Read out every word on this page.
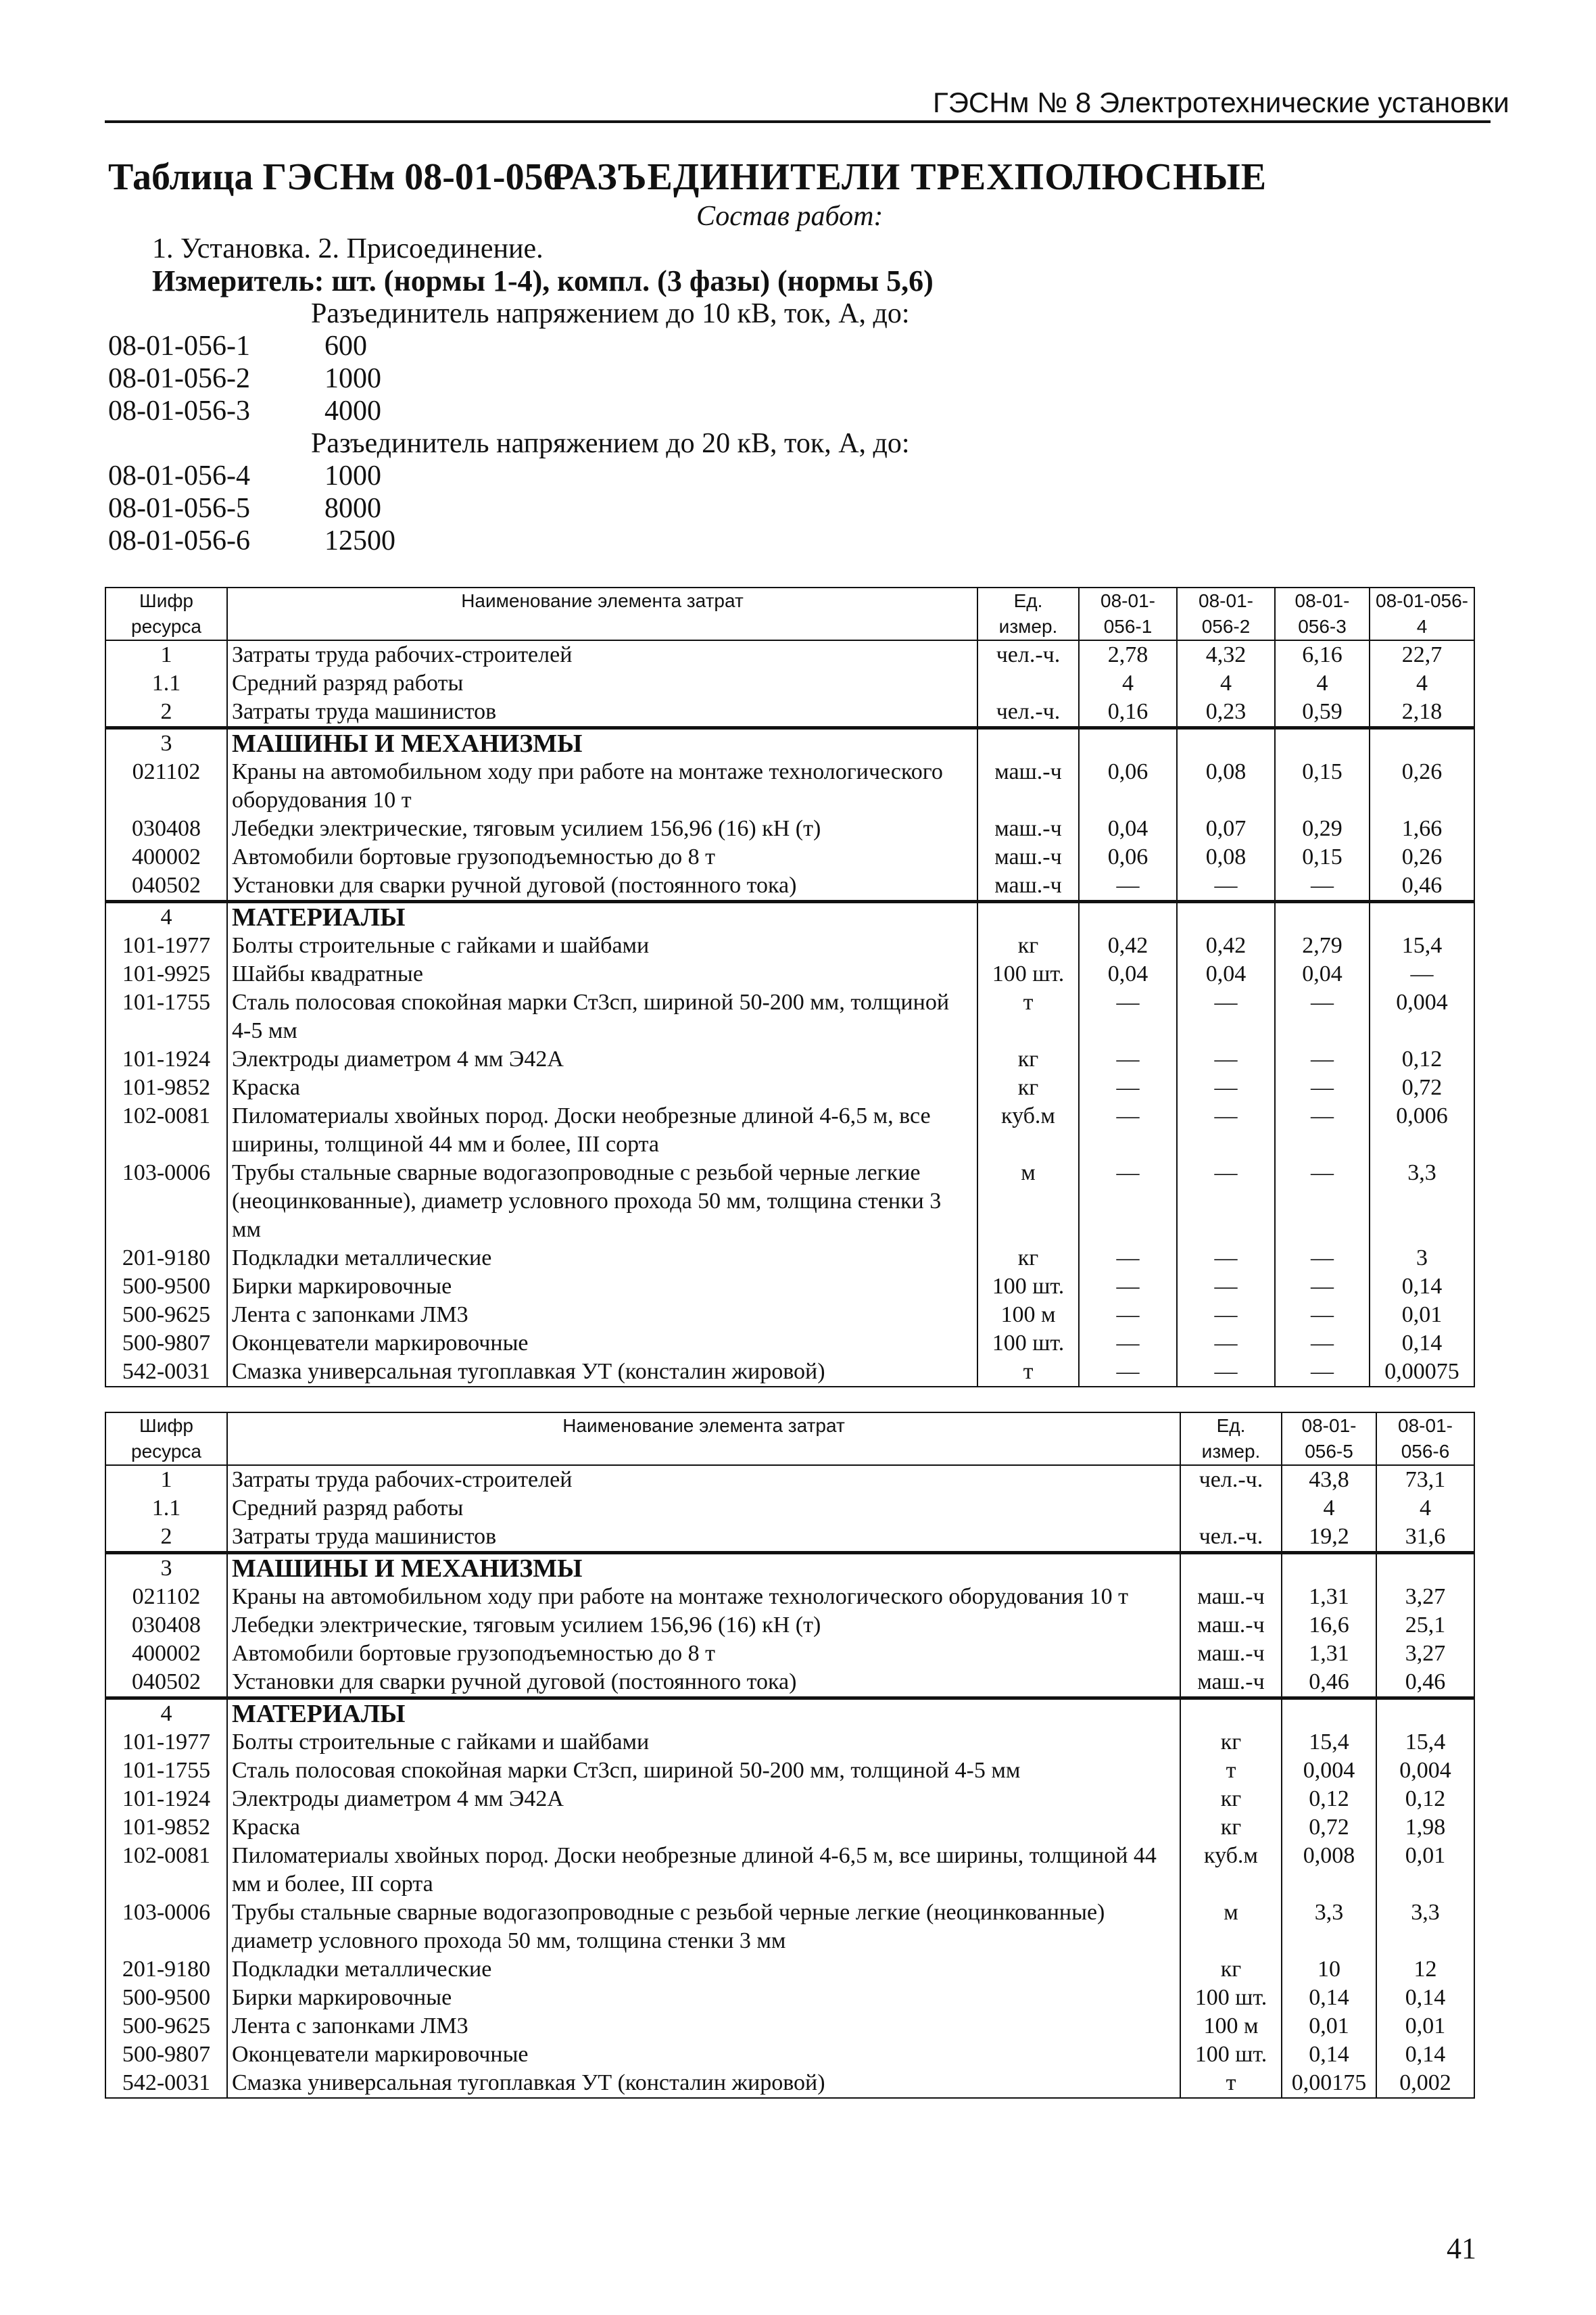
ГЭСНм № 8 Электротехнические установки
Таблица ГЭСНм 08-01-056
РАЗЪЕДИНИТЕЛИ ТРЕХПОЛЮСНЫЕ
Состав работ:
1. Установка. 2. Присоединение.
Измеритель: шт. (нормы 1-4), компл. (3 фазы) (нормы 5,6)
Разъединитель напряжением до 10 кВ, ток, А, до:
08-01-056-1	600
08-01-056-2	1000
08-01-056-3	4000
Разъединитель напряжением до 20 кВ, ток, А, до:
08-01-056-4	1000
08-01-056-5	8000
08-01-056-6	12500
Шифр ресурса	Наименование элемента затрат	Ед. измер.	08-01-056-1	08-01-056-2	08-01-056-3	08-01-056-4
1	Затраты труда рабочих-строителей	чел.-ч.	2,78	4,32	6,16	22,7
1.1	Средний разряд работы		4	4	4	4
2	Затраты труда машинистов	чел.-ч.	0,16	0,23	0,59	2,18
3	МАШИНЫ И МЕХАНИЗМЫ					
021102	Краны на автомобильном ходу при работе на монтаже технологического оборудования 10 т	маш.-ч	0,06	0,08	0,15	0,26
030408	Лебедки электрические, тяговым усилием 156,96 (16) кН (т)	маш.-ч	0,04	0,07	0,29	1,66
400002	Автомобили бортовые грузоподъемностью до 8 т	маш.-ч	0,06	0,08	0,15	0,26
040502	Установки для сварки ручной дуговой (постоянного тока)	маш.-ч	—	—	—	0,46
4	МАТЕРИАЛЫ					
101-1977	Болты строительные с гайками и шайбами	кг	0,42	0,42	2,79	15,4
101-9925	Шайбы квадратные	100 шт.	0,04	0,04	0,04	—
101-1755	Сталь полосовая спокойная марки Ст3сп, шириной 50-200 мм, толщиной 4-5 мм	т	—	—	—	0,004
101-1924	Электроды диаметром 4 мм Э42А	кг	—	—	—	0,12
101-9852	Краска	кг	—	—	—	0,72
102-0081	Пиломатериалы хвойных пород. Доски необрезные длиной 4-6,5 м, все ширины, толщиной 44 мм и более, III сорта	куб.м	—	—	—	0,006
103-0006	Трубы стальные сварные водогазопроводные с резьбой черные легкие (неоцинкованные), диаметр условного прохода 50 мм, толщина стенки 3 мм	м	—	—	—	3,3
201-9180	Подкладки металлические	кг	—	—	—	3
500-9500	Бирки маркировочные	100 шт.	—	—	—	0,14
500-9625	Лента с запонками ЛМ3	100 м	—	—	—	0,01
500-9807	Оконцеватели маркировочные	100 шт.	—	—	—	0,14
542-0031	Смазка универсальная тугоплавкая УТ (консталин жировой)	т	—	—	—	0,00075
Шифр ресурса	Наименование элемента затрат	Ед. измер.	08-01-056-5	08-01-056-6
1	Затраты труда рабочих-строителей	чел.-ч.	43,8	73,1
1.1	Средний разряд работы		4	4
2	Затраты труда машинистов	чел.-ч.	19,2	31,6
3	МАШИНЫ И МЕХАНИЗМЫ			
021102	Краны на автомобильном ходу при работе на монтаже технологического оборудования 10 т	маш.-ч	1,31	3,27
030408	Лебедки электрические, тяговым усилием 156,96 (16) кН (т)	маш.-ч	16,6	25,1
400002	Автомобили бортовые грузоподъемностью до 8 т	маш.-ч	1,31	3,27
040502	Установки для сварки ручной дуговой (постоянного тока)	маш.-ч	0,46	0,46
4	МАТЕРИАЛЫ			
101-1977	Болты строительные с гайками и шайбами	кг	15,4	15,4
101-1755	Сталь полосовая спокойная марки Ст3сп, шириной 50-200 мм, толщиной 4-5 мм	т	0,004	0,004
101-1924	Электроды диаметром 4 мм Э42А	кг	0,12	0,12
101-9852	Краска	кг	0,72	1,98
102-0081	Пиломатериалы хвойных пород. Доски необрезные длиной 4-6,5 м, все ширины, толщиной 44 мм и более, III сорта	куб.м	0,008	0,01
103-0006	Трубы стальные сварные водогазопроводные с резьбой черные легкие (неоцинкованные) диаметр условного прохода 50 мм, толщина стенки 3 мм	м	3,3	3,3
201-9180	Подкладки металлические	кг	10	12
500-9500	Бирки маркировочные	100 шт.	0,14	0,14
500-9625	Лента с запонками ЛМ3	100 м	0,01	0,01
500-9807	Оконцеватели маркировочные	100 шт.	0,14	0,14
542-0031	Смазка универсальная тугоплавкая УТ (консталин жировой)	т	0,00175	0,002
41
